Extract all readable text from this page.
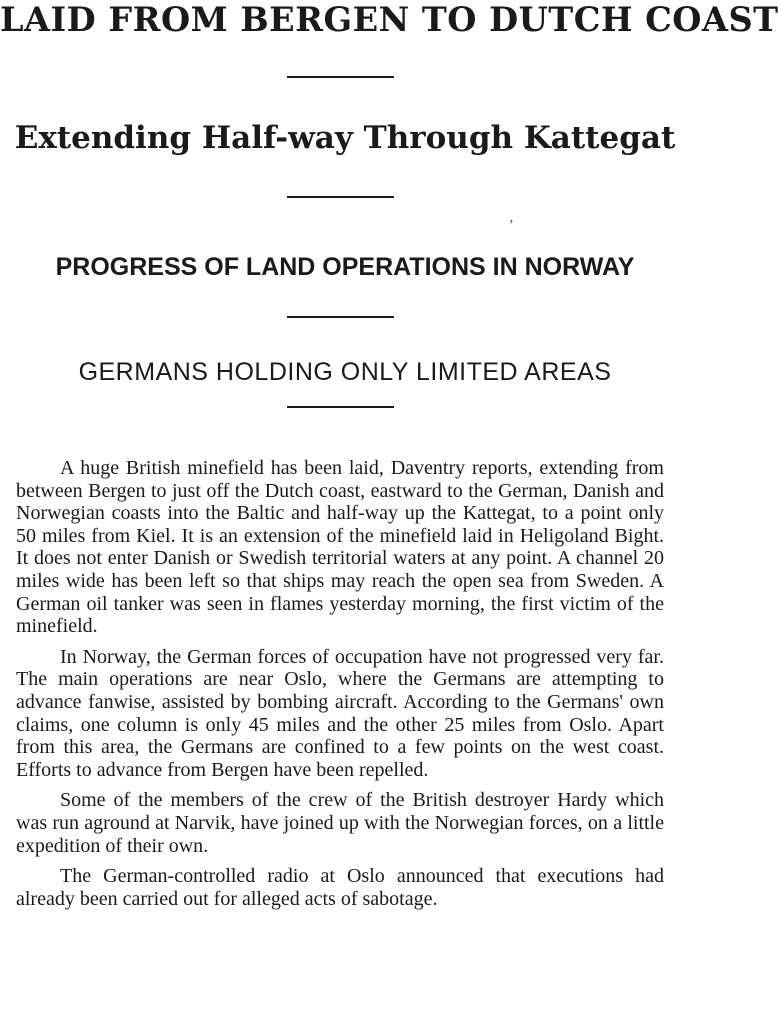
LAID FROM BERGEN TO DUTCH COAST
Extending Half-way Through Kattegat
’
PROGRESS OF LAND OPERATIONS IN NORWAY
GERMANS HOLDING ONLY LIMITED AREAS

A huge British minefield has been laid, Daventry reports, extending from between Bergen to just off the Dutch coast, eastward to the German, Danish and Norwegian coasts into the Baltic and half-way up the Kattegat, to a point only 50 miles from Kiel. It is an extension of the minefield laid in Heligoland Bight. It does not enter Danish or Swedish territorial waters at any point. A channel 20 miles wide has been left so that ships may reach the open sea from Sweden. A German oil tanker was seen in flames yesterday morning, the first victim of the minefield.

In Norway, the German forces of occupation have not progressed very far. The main operations are near Oslo, where the Germans are attempting to advance fanwise, assisted by bombing aircraft. According to the Germans' own claims, one column is only 45 miles and the other 25 miles from Oslo. Apart from this area, the Germans are confined to a few points on the west coast. Efforts to advance from Bergen have been repelled.

Some of the members of the crew of the British destroyer Hardy which was run aground at Narvik, have joined up with the Norwegian forces, on a little expedition of their own.

The German-controlled radio at Oslo announced that executions had already been carried out for alleged acts of sabotage.
